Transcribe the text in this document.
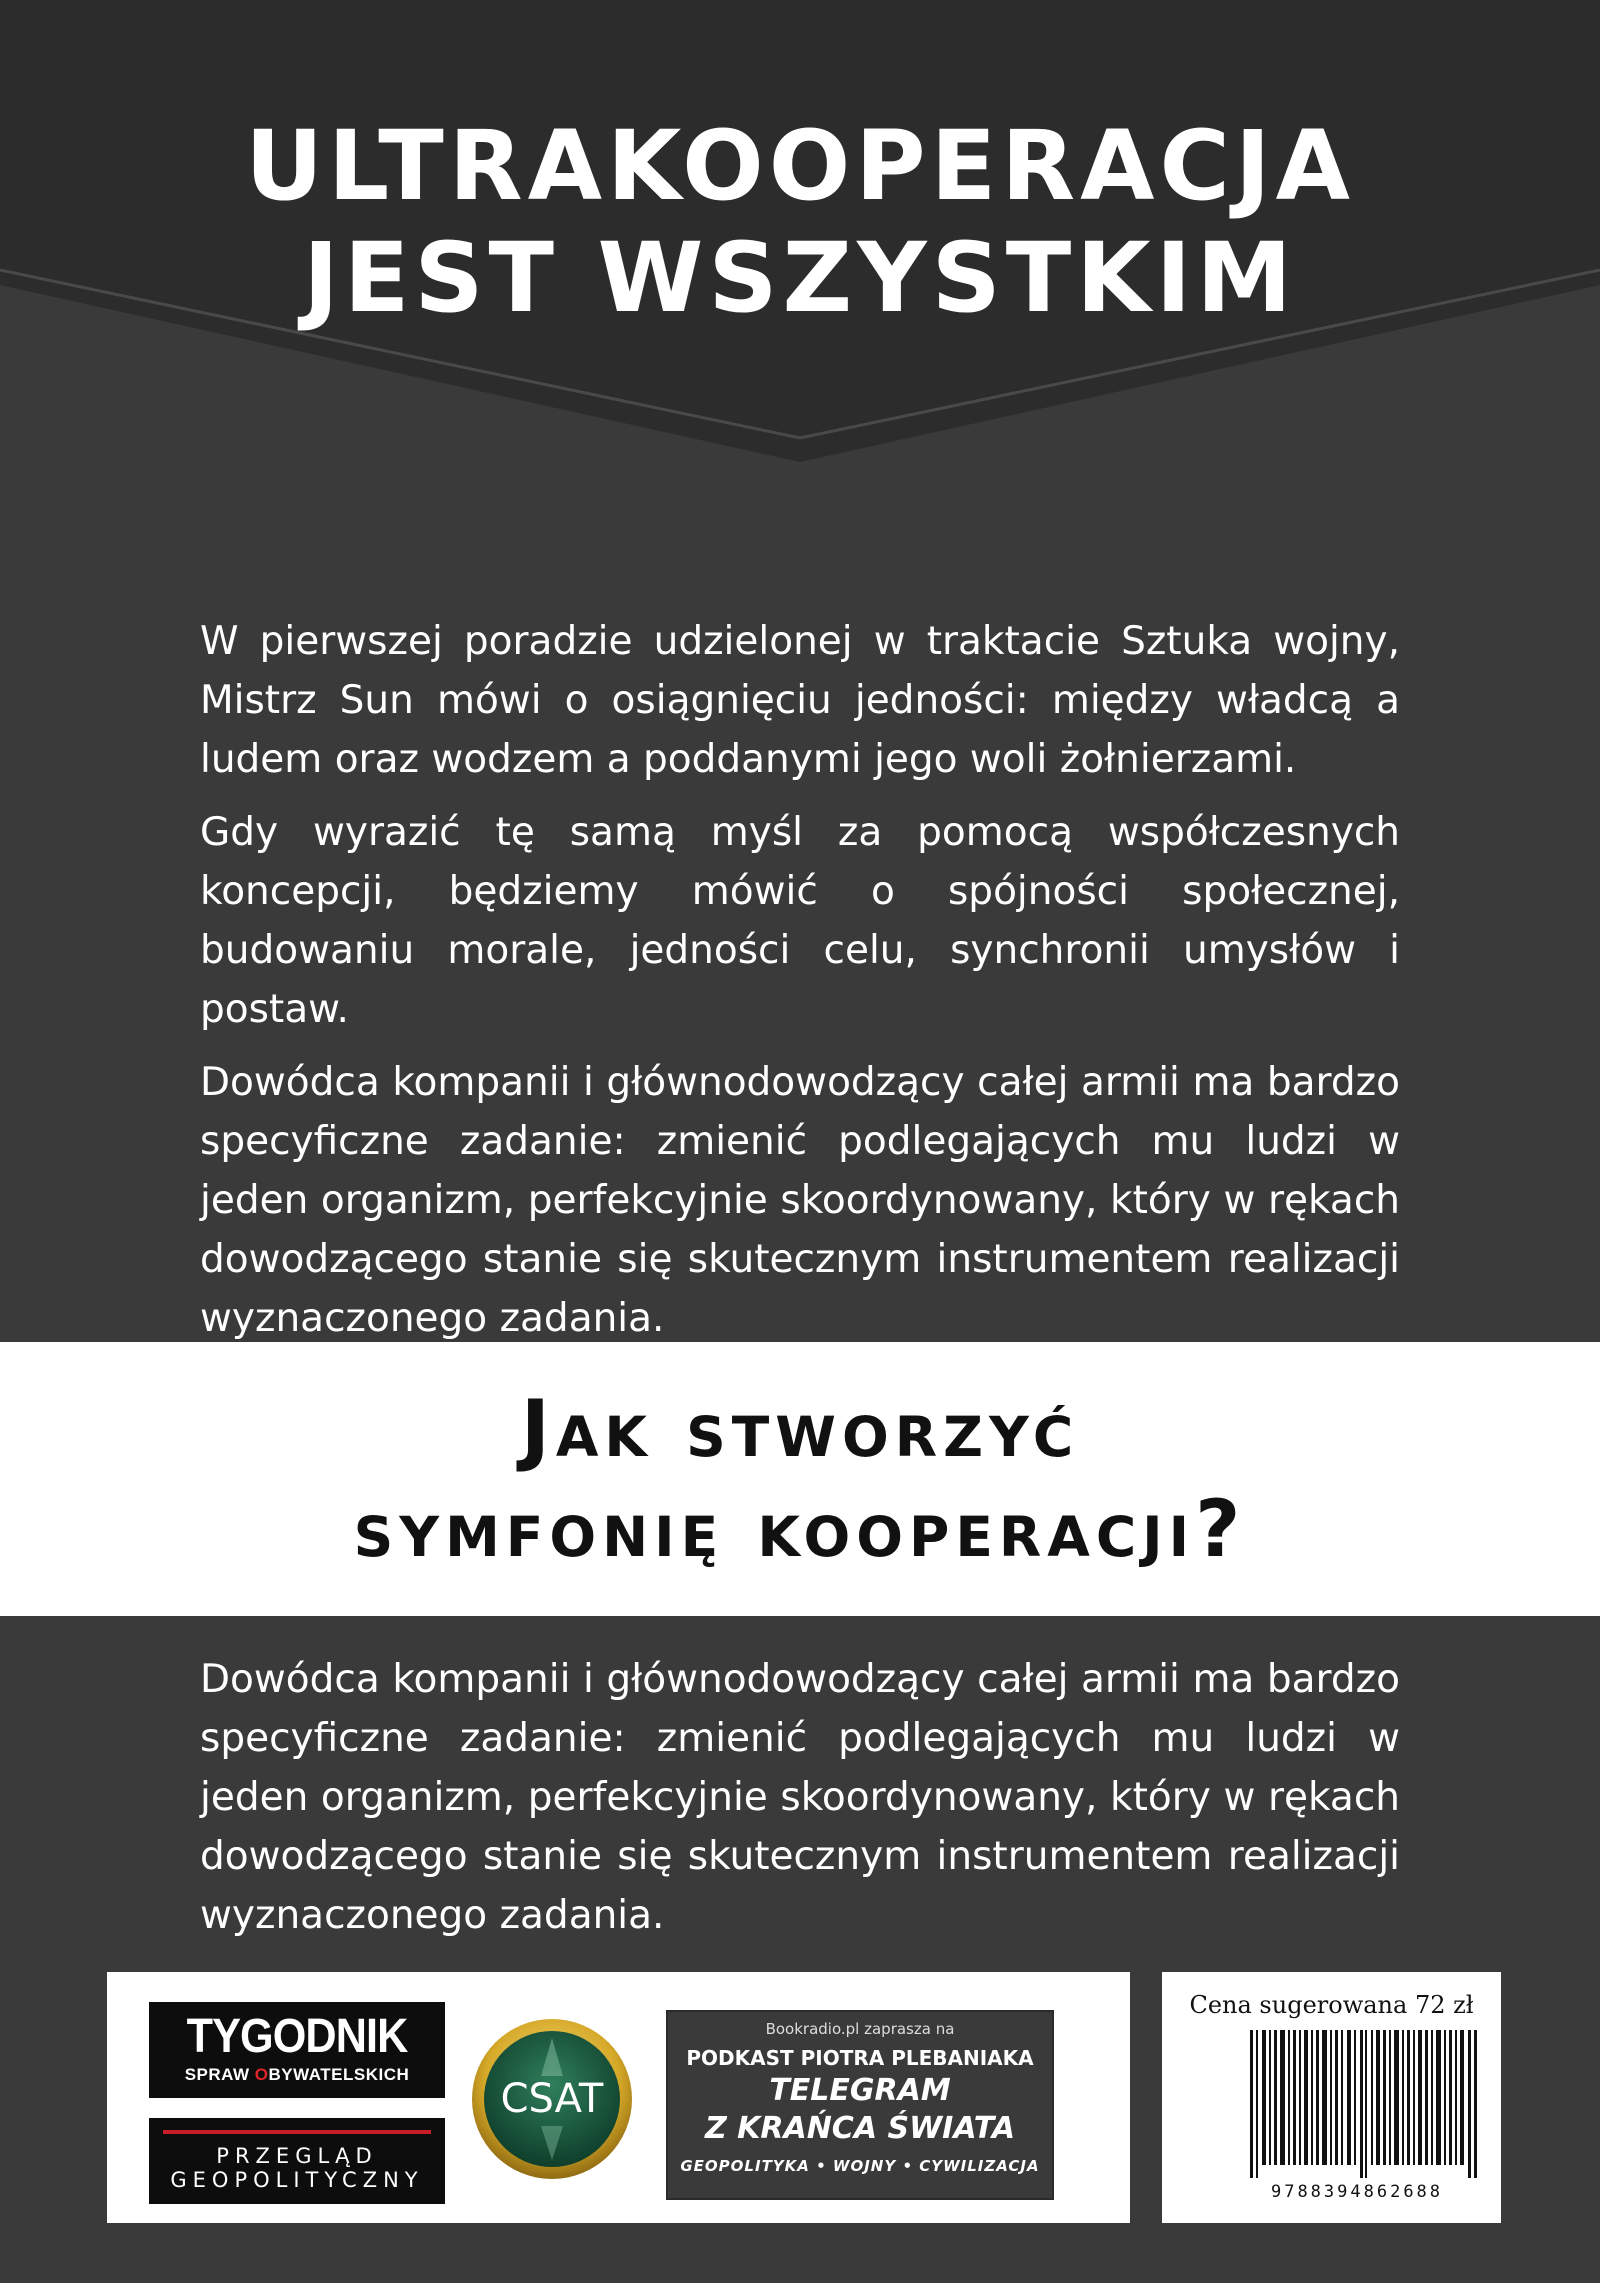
ULTRAKOOPERACJA
JEST WSZYSTKIM

W pierwszej poradzie udzielonej w traktacie Sztuka wojny, Mistrz Sun mówi o osiągnięciu jedności: między władcą a ludem oraz wodzem a poddanymi jego woli żołnierzami.

Gdy wyrazić tę samą myśl za pomocą współczesnych koncepcji, będziemy mówić o spójności społecznej, budowaniu morale, jedności celu, synchronii umysłów i postaw.

Dowódca kompanii i głównodowodzący całej armii ma bardzo specyficzne zadanie: zmienić podlegających mu ludzi w jeden organizm, perfekcyjnie skoordynowany, który w rękach dowodzącego stanie się skutecznym instrumentem realizacji wyznaczonego zadania.

Jak stworzyć
symfonię kooperacji?

Dowódca kompanii i głównodowodzący całej armii ma bardzo specyficzne zadanie: zmienić podlegających mu ludzi w jeden organizm, perfekcyjnie skoordynowany, który w rękach dowodzącego stanie się skutecznym instrumentem realizacji wyznaczonego zadania.

TYGODNIK
SPRAW OBYWATELSKICH
PRZEGLĄD
GEOPOLITYCZNY
CSAT
Bookradio.pl zaprasza na
PODKAST PIOTRA PLEBANIAKA
TELEGRAM
Z KRAŃCA ŚWIATA
GEOPOLITYKA • WOJNY • CYWILIZACJA
Cena sugerowana 72 zł
9788394862688
